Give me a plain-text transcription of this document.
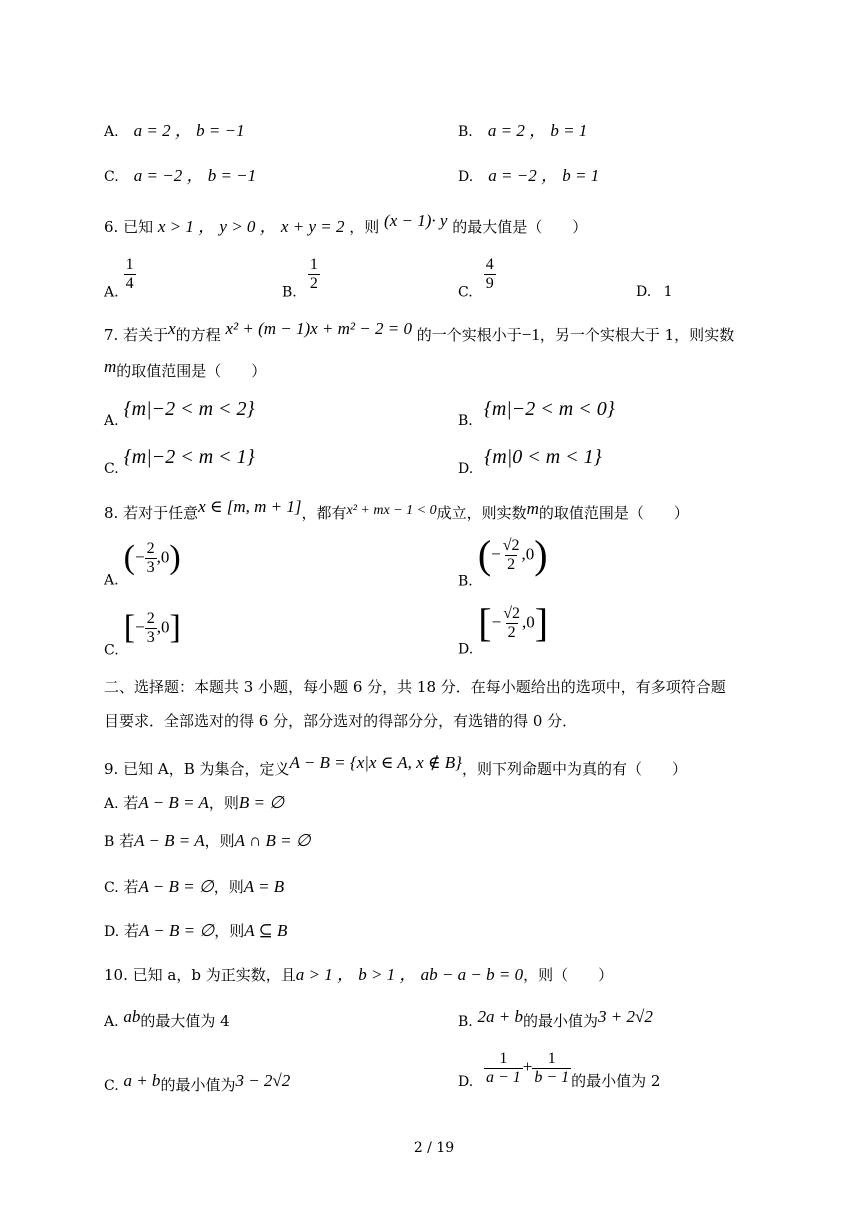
A. a = 2 ， b = −1	B. a = 2 ， b = 1
C. a = −2 ， b = −1	D. a = −2 ， b = 1
6. 已知 x > 1 ， y > 0 ， x + y = 2 ，则 (x − 1)· y 的最大值是（　　）
A.
$\frac{1}{4}$
B.
$\frac{1}{2}$
C.
$\frac{4}{9}$	D. 1
7. 若关于x的方程 x² + (m − 1)x + m² − 2 = 0 的一个实根小于−1，另一个实根大于 1，则实数
m的取值范围是（　　）
A. {m|−2 < m < 2}
B. {m|−2 < m < 0}
C. {m|−2 < m < 1}
D. {m|0 < m < 1}
8. 若对于任意x ∈ [m, m + 1]，都有x² + mx − 1 < 0成立，则实数m的取值范围是（　　）
A. (− $\frac{2}{3} ,0$)
B. (− $\frac{√2}{2} ,0$)
C. [− $\frac{2}{3} ,0$]
D. [− $\frac{√2}{2} ,0$]
二、选择题：本题共 3 小题，每小题 6 分，共 18 分．在每小题给出的选项中，有多项符合题
目要求．全部选对的得 6 分，部分选对的得部分分，有选错的得 0 分．
9. 已知 A，B 为集合，定义A − B = {x|x ∈ A, x ∉ B}，则下列命题中为真的有（　　）
A. 若A − B = A，则B = ∅
B 若A − B = A，则A ∩ B = ∅
C. 若A − B = ∅，则A = B
D. 若A − B = ∅，则A ⊆ B
10. 已知 a，b 为正实数，且a > 1 ， b > 1 ， ab − a − b = 0，则（　　）
A. ab的最大值为 4	B. 2a + b的最小值为3 + 2√2
C. a + b的最小值为3 − 2√2	D. $\frac{1}{a - 1} + \frac{1}{b - 1}$ 的最小值为 2
2 / 19
